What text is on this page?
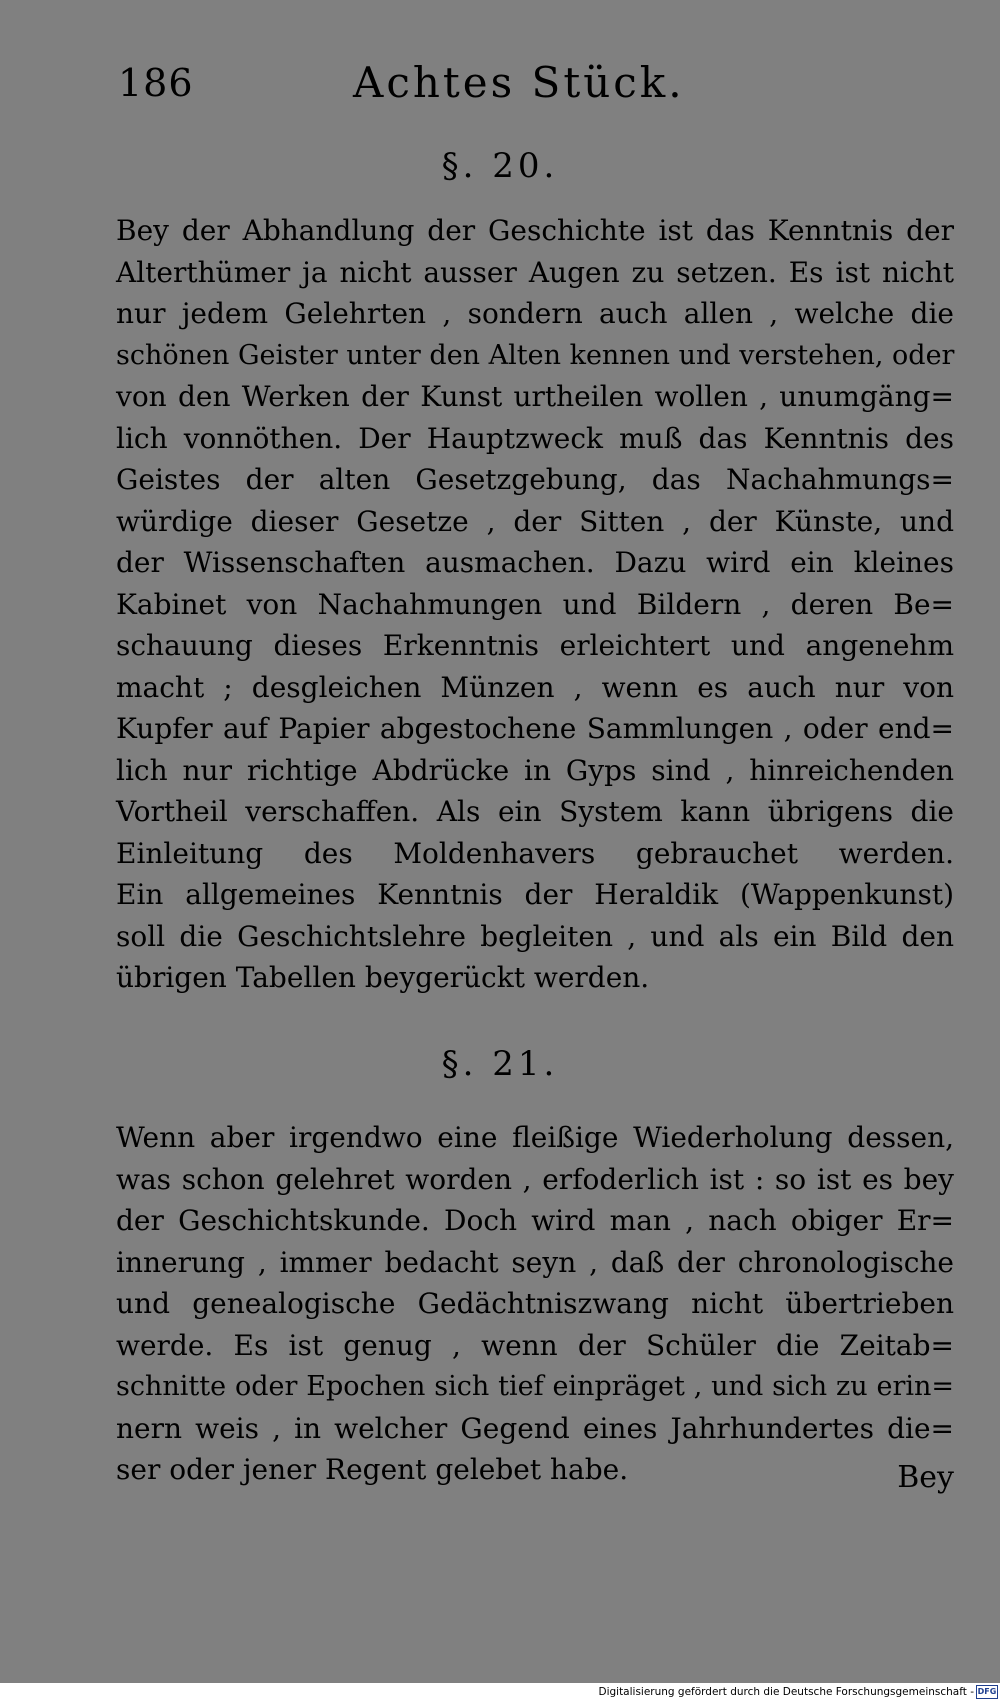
186	Achtes Stück.
§. 20.
Bey der Abhandlung der Geschichte ist das Kenntnis der
Alterthümer ja nicht ausser Augen zu setzen. Es ist nicht
nur jedem Gelehrten , sondern auch allen , welche die
schönen Geister unter den Alten kennen und verstehen, oder
von den Werken der Kunst urtheilen wollen , unumgäng=
lich vonnöthen. Der Hauptzweck muß das Kenntnis des
Geistes der alten Gesetzgebung, das Nachahmungs=
würdige dieser Gesetze , der Sitten , der Künste, und
der Wissenschaften ausmachen. Dazu wird ein kleines
Kabinet von Nachahmungen und Bildern , deren Be=
schauung dieses Erkenntnis erleichtert und angenehm
macht ; desgleichen Münzen , wenn es auch nur von
Kupfer auf Papier abgestochene Sammlungen , oder end=
lich nur richtige Abdrücke in Gyps sind , hinreichenden
Vortheil verschaffen. Als ein System kann übrigens die
Einleitung des Moldenhavers gebrauchet werden.
Ein allgemeines Kenntnis der Heraldik (Wappenkunst)
soll die Geschichtslehre begleiten , und als ein Bild den
übrigen Tabellen beygerückt werden.
§. 21.
Wenn aber irgendwo eine fleißige Wiederholung dessen,
was schon gelehret worden , erfoderlich ist : so ist es bey
der Geschichtskunde. Doch wird man , nach obiger Er=
innerung , immer bedacht seyn , daß der chronologische
und genealogische Gedächtniszwang nicht übertrieben
werde. Es ist genug , wenn der Schüler die Zeitab=
schnitte oder Epochen sich tief einpräget , und sich zu erin=
nern weis , in welcher Gegend eines Jahrhundertes die=
ser oder jener Regent gelebet habe.	Bey
Digitalisierung gefördert durch die Deutsche Forschungsgemeinschaft - DFG
